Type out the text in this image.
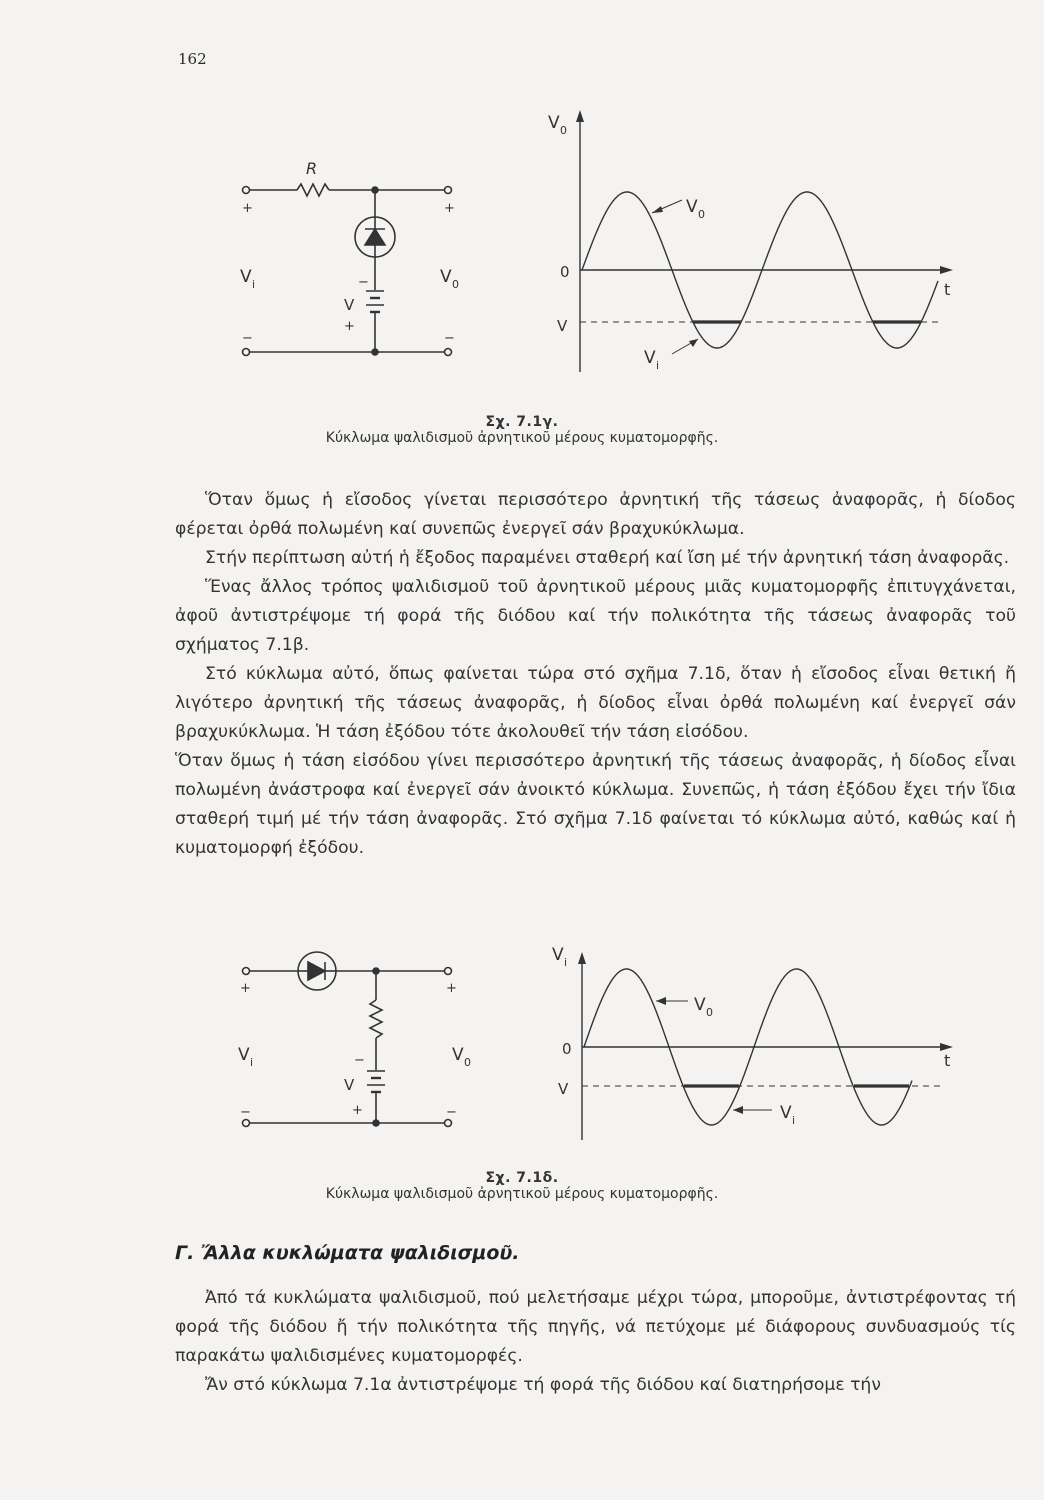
162
R
+	+
V i	V 0
V
−
+
−	−
V 0
0
V
t
V 0
V i
Σχ. 7.1γ.
Κύκλωμα ψαλιδισμοῦ ἀρνητικοῦ μέρους κυματομορφῆς.

Ὅταν ὅμως ἡ εἴσοδος γίνεται περισσότερο ἀρνητική τῆς τάσεως ἀναφορᾶς, ἡ δίοδος φέρεται ὀρθά πολωμένη καί συνεπῶς ἐνεργεῖ σάν βραχυκύκλωμα.

Στήν περίπτωση αὐτή ἡ ἔξοδος παραμένει σταθερή καί ἴση μέ τήν ἀρνητική τάση ἀναφορᾶς.

Ἕνας ἄλλος τρόπος ψαλιδισμοῦ τοῦ ἀρνητικοῦ μέρους μιᾶς κυματομορφῆς ἐπιτυγχάνεται, ἀφοῦ ἀντιστρέψομε τή φορά τῆς διόδου καί τήν πολικότητα τῆς τάσεως ἀναφορᾶς τοῦ σχήματος 7.1β.

Στό κύκλωμα αὐτό, ὅπως φαίνεται τώρα στό σχῆμα 7.1δ, ὅταν ἡ εἴσοδος εἶναι θετική ἤ λιγότερο ἀρνητική τῆς τάσεως ἀναφορᾶς, ἡ δίοδος εἶναι ὀρθά πολωμένη καί ἐνεργεῖ σάν βραχυκύκλωμα. Ἡ τάση ἐξόδου τότε ἀκολουθεῖ τήν τάση εἰσόδου.

Ὅταν ὅμως ἡ τάση εἰσόδου γίνει περισσότερο ἀρνητική τῆς τάσεως ἀναφορᾶς, ἡ δίοδος εἶναι πολωμένη ἀνάστροφα καί ἐνεργεῖ σάν ἀνοικτό κύκλωμα. Συνεπῶς, ἡ τάση ἐξόδου ἔχει τήν ἴδια σταθερή τιμή μέ τήν τάση ἀναφορᾶς. Στό σχῆμα 7.1δ φαίνεται τό κύκλωμα αὐτό, καθώς καί ἡ κυματομορφή ἐξόδου.

+	+
V i	V 0
V
−
+
−	−
V i
0
V
t
V 0
V i
Σχ. 7.1δ.
Κύκλωμα ψαλιδισμοῦ ἀρνητικοῦ μέρους κυματομορφῆς.
Γ. Ἄλλα κυκλώματα ψαλιδισμοῦ.

Ἀπό τά κυκλώματα ψαλιδισμοῦ, πού μελετήσαμε μέχρι τώρα, μποροῦμε, ἀντιστρέφοντας τή φορά τῆς διόδου ἤ τήν πολικότητα τῆς πηγῆς, νά πετύχομε μέ διάφορους συνδυασμούς τίς παρακάτω ψαλιδισμένες κυματομορφές.

Ἄν στό κύκλωμα 7.1α ἀντιστρέψομε τή φορά τῆς διόδου καί διατηρήσομε τήν
